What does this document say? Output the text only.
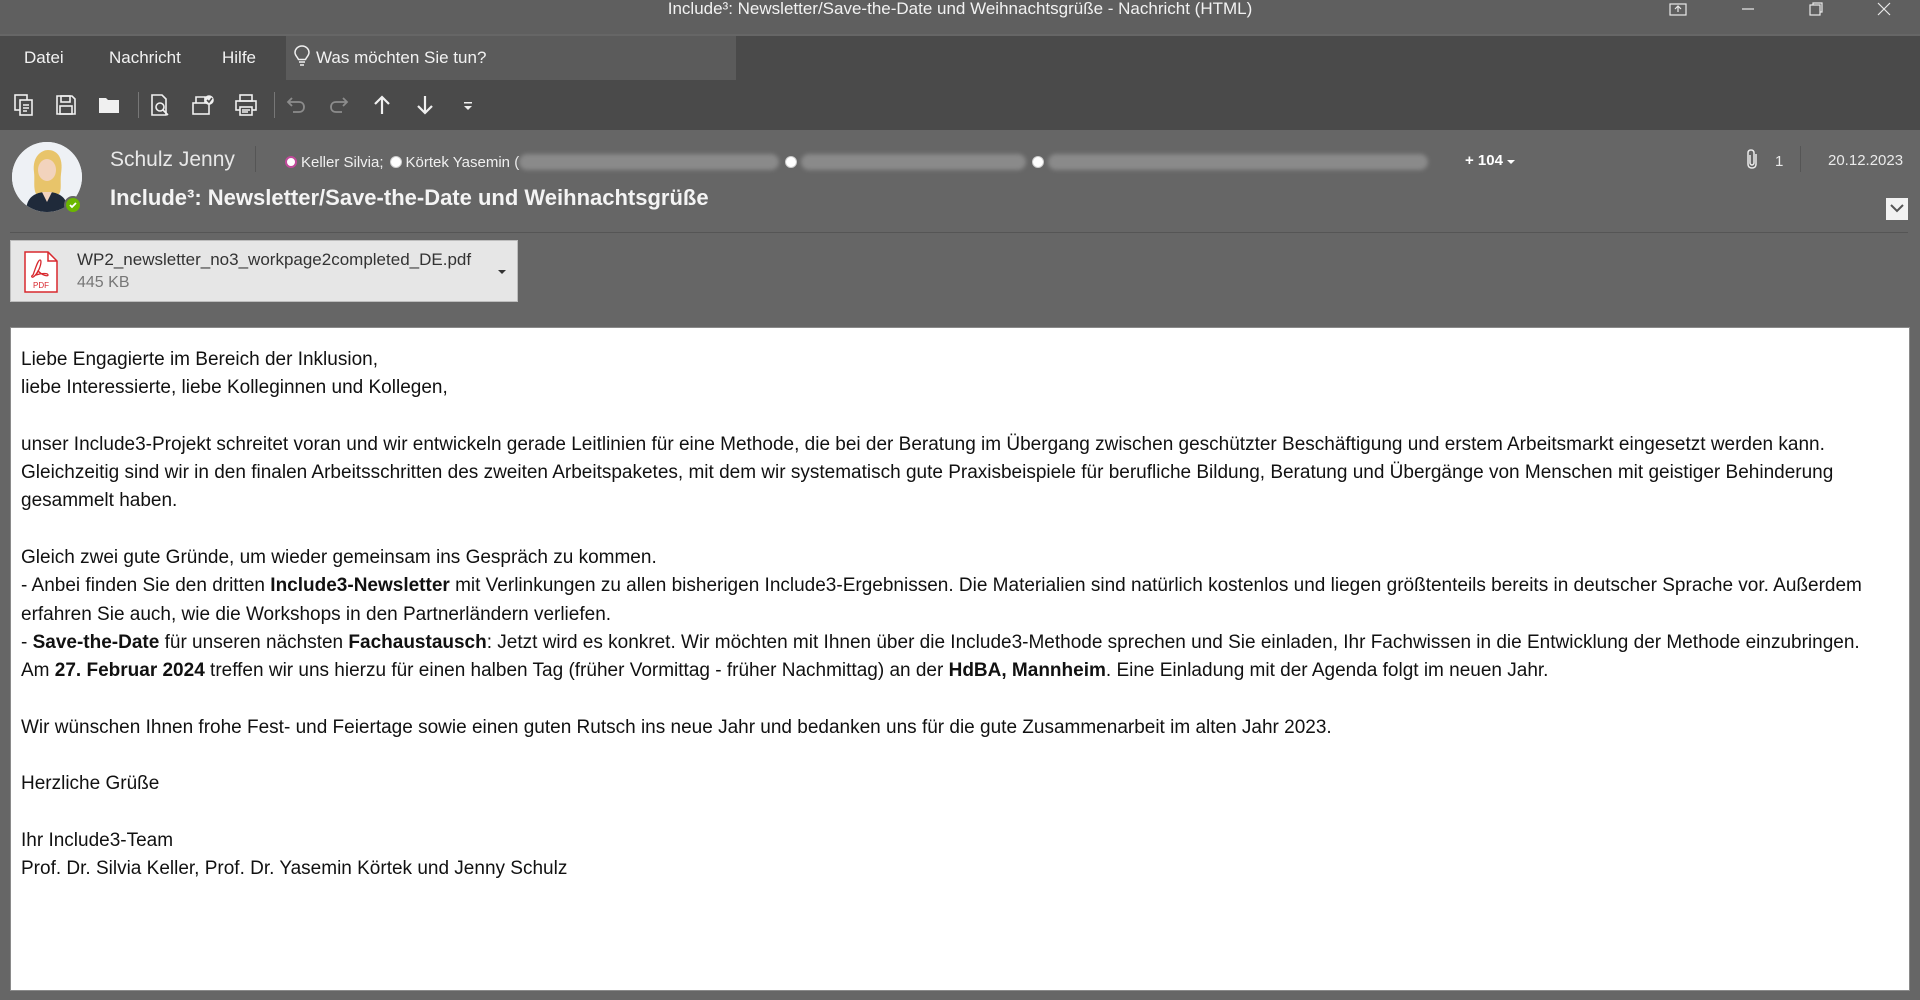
Include³: Newsletter/Save-the-Date und Weihnachtsgrüße - Nachricht (HTML)
Datei	Nachricht Hilfe	Was möchten Sie tun?
Schulz Jenny	Keller Silvia; Körtek Yasemin (	+ 104	1	20.12.2023
Include³: Newsletter/Save-the-Date und Weihnachtsgrüße
PDF
WP2_newsletter_no3_workpage2completed_DE.pdf
445 KB

Liebe Engagierte im Bereich der Inklusion,

liebe Interessierte, liebe Kolleginnen und Kollegen,

unser Include3-Projekt schreitet voran und wir entwickeln gerade Leitlinien für eine Methode, die bei der Beratung im Übergang zwischen geschützter Beschäftigung und erstem Arbeitsmarkt eingesetzt werden kann. Gleichzeitig sind wir in den finalen Arbeitsschritten des zweiten Arbeitspaketes, mit dem wir systematisch gute Praxisbeispiele für berufliche Bildung, Beratung und Übergänge von Menschen mit geistiger Behinderung gesammelt haben.

Gleich zwei gute Gründe, um wieder gemeinsam ins Gespräch zu kommen.

- Anbei finden Sie den dritten Include3-Newsletter mit Verlinkungen zu allen bisherigen Include3-Ergebnissen. Die Materialien sind natürlich kostenlos und liegen größtenteils bereits in deutscher Sprache vor. Außerdem erfahren Sie auch, wie die Workshops in den Partnerländern verliefen.

- Save-the-Date für unseren nächsten Fachaustausch: Jetzt wird es konkret. Wir möchten mit Ihnen über die Include3-Methode sprechen und Sie einladen, Ihr Fachwissen in die Entwicklung der Methode einzubringen. Am 27. Februar 2024 treffen wir uns hierzu für einen halben Tag (früher Vormittag - früher Nachmittag) an der HdBA, Mannheim. Eine Einladung mit der Agenda folgt im neuen Jahr.

Wir wünschen Ihnen frohe Fest- und Feiertage sowie einen guten Rutsch ins neue Jahr und bedanken uns für die gute Zusammenarbeit im alten Jahr 2023.

Herzliche Grüße

Ihr Include3-Team

Prof. Dr. Silvia Keller, Prof. Dr. Yasemin Körtek und Jenny Schulz
